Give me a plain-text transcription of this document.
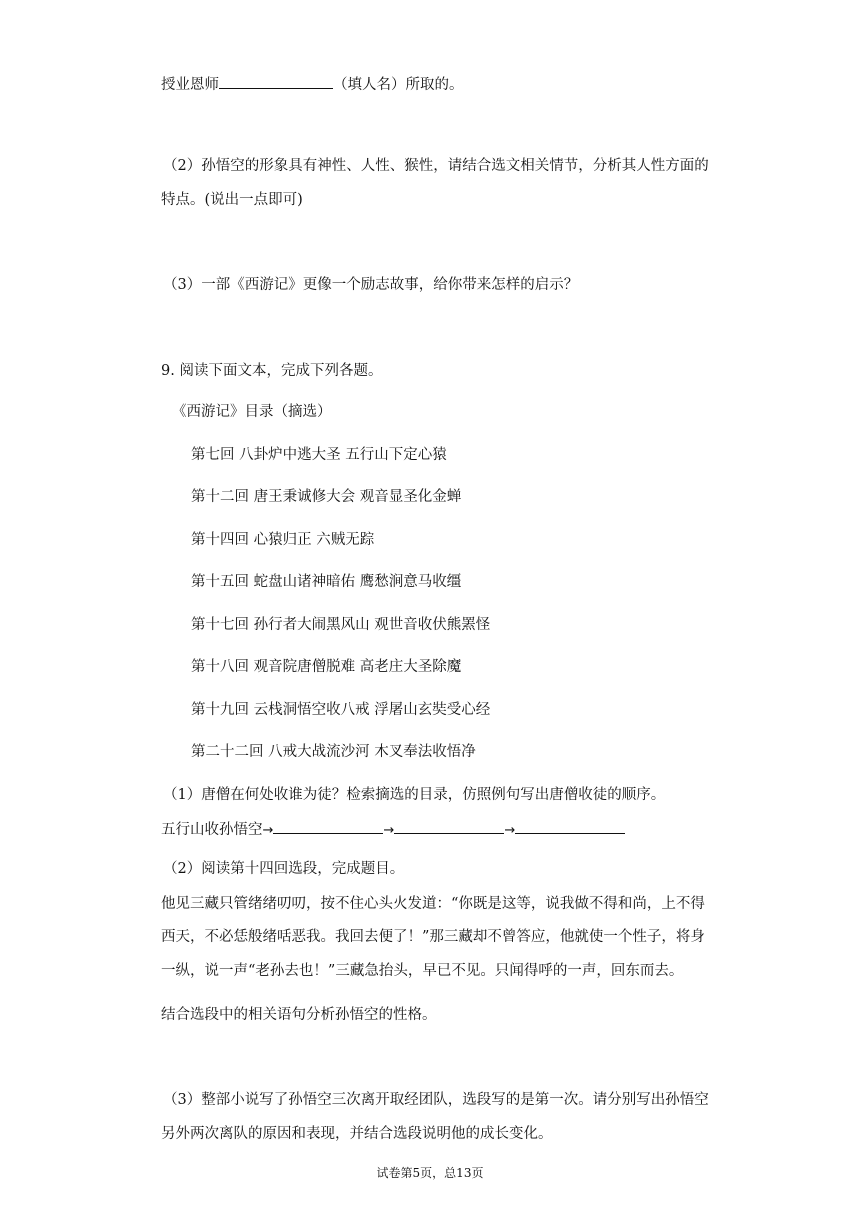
授业恩师	（填人名）所取的。
（2）孙悟空的形象具有神性、人性、猴性，请结合选文相关情节，分析其人性方面的
特点。(说出一点即可)
（3）一部《西游记》更像一个励志故事，给你带来怎样的启示？
9. 阅读下面文本，完成下列各题。
《西游记》目录（摘选）
第七回 八卦炉中逃大圣 五行山下定心猿
第十二回 唐王秉诚修大会 观音显圣化金蝉
第十四回 心猿归正 六贼无踪
第十五回 蛇盘山诸神暗佑 鹰愁涧意马收缰
第十七回 孙行者大闹黑风山 观世音收伏熊罴怪
第十八回 观音院唐僧脱难 高老庄大圣除魔
第十九回 云栈洞悟空收八戒 浮屠山玄奘受心经
第二十二回 八戒大战流沙河 木叉奉法收悟净
（1）唐僧在何处收谁为徒？检索摘选的目录，仿照例句写出唐僧收徒的顺序。
五行山收孙悟空→	→	→
（2）阅读第十四回选段，完成题目。
他见三藏只管绪绪叨叨，按不住心头火发道：“你既是这等，说我做不得和尚，上不得
西天，不必恁般绪咶恶我。我回去便了！”那三藏却不曾答应，他就使一个性子，将身
一纵，说一声“老孙去也！”三藏急抬头，早已不见。只闻得呼的一声，回东而去。
结合选段中的相关语句分析孙悟空的性格。
（3）整部小说写了孙悟空三次离开取经团队，选段写的是第一次。请分别写出孙悟空
另外两次离队的原因和表现，并结合选段说明他的成长变化。
试卷第5页，总13页
